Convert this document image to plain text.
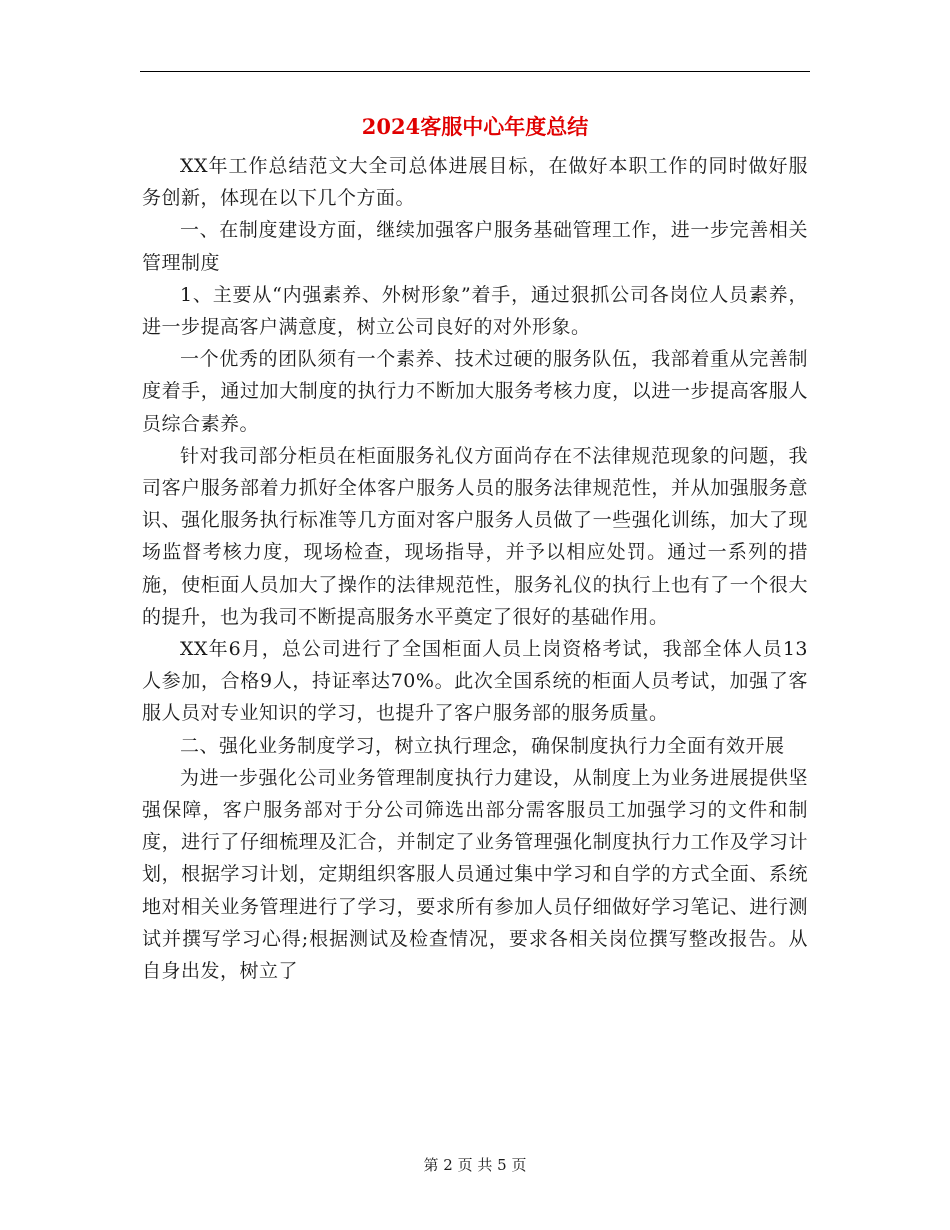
2024客服中心年度总结

XX年工作总结范文大全司总体进展目标，在做好本职工作的同时做好服务创新，体现在以下几个方面。

一、在制度建设方面，继续加强客户服务基础管理工作，进一步完善相关管理制度

1、主要从“内强素养、外树形象”着手，通过狠抓公司各岗位人员素养，进一步提高客户满意度，树立公司良好的对外形象。

一个优秀的团队须有一个素养、技术过硬的服务队伍，我部着重从完善制度着手，通过加大制度的执行力不断加大服务考核力度，以进一步提高客服人员综合素养。

针对我司部分柜员在柜面服务礼仪方面尚存在不法律规范现象的问题，我司客户服务部着力抓好全体客户服务人员的服务法律规范性，并从加强服务意识、强化服务执行标准等几方面对客户服务人员做了一些强化训练，加大了现场监督考核力度，现场检查，现场指导，并予以相应处罚。通过一系列的措施，使柜面人员加大了操作的法律规范性，服务礼仪的执行上也有了一个很大的提升，也为我司不断提高服务水平奠定了很好的基础作用。

XX年6月，总公司进行了全国柜面人员上岗资格考试，我部全体人员13人参加，合格9人，持证率达70%。此次全国系统的柜面人员考试，加强了客服人员对专业知识的学习，也提升了客户服务部的服务质量。

二、强化业务制度学习，树立执行理念，确保制度执行力全面有效开展

为进一步强化公司业务管理制度执行力建设，从制度上为业务进展提供坚强保障，客户服务部对于分公司筛选出部分需客服员工加强学习的文件和制度，进行了仔细梳理及汇合，并制定了业务管理强化制度执行力工作及学习计划，根据学习计划，定期组织客服人员通过集中学习和自学的方式全面、系统地对相关业务管理进行了学习，要求所有参加人员仔细做好学习笔记、进行测试并撰写学习心得;根据测试及检查情况，要求各相关岗位撰写整改报告。从自身出发，树立了

第 2 页 共 5 页
